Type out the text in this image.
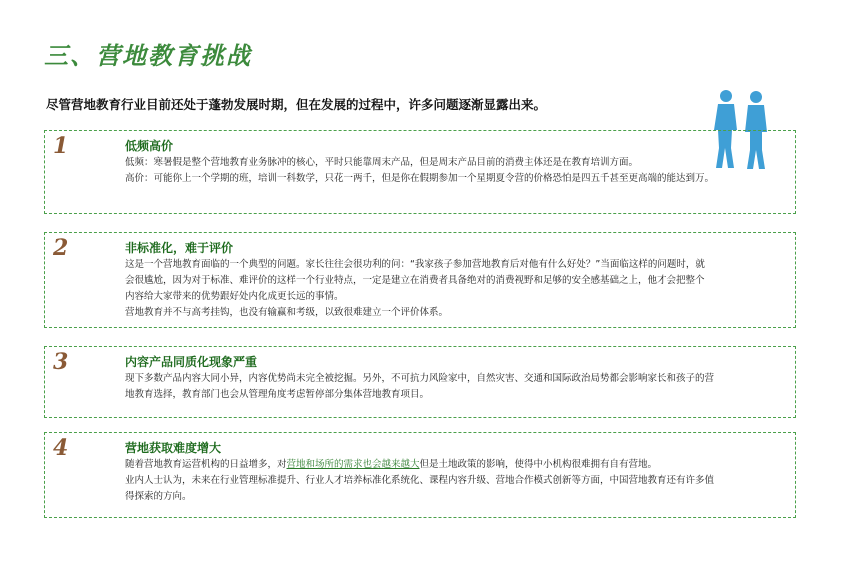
三、营地教育挑战
尽管营地教育行业目前还处于蓬勃发展时期，但在发展的过程中，许多问题逐渐显露出来。
1	低频高价

低频：寒暑假是整个营地教育业务脉冲的核心，平时只能靠周末产品，但是周末产品目前的消费主体还是在教育培训方面。

高价：可能你上一个学期的班，培训一科数学，只花一两千，但是你在假期参加一个星期夏令营的价格恐怕是四五千甚至更高端的能达到万。

2	非标准化，难于评价

这是一个营地教育面临的一个典型的问题。家长往往会很功利的问：“我家孩子参加营地教育后对他有什么好处？”当面临这样的问题时，就

会很尴尬，因为对于标准、难评价的这样一个行业特点，一定是建立在消费者具备绝对的消费视野和足够的安全感基础之上，他才会把整个

内容给大家带来的优势跟好处内化成更长远的事情。

营地教育并不与高考挂钩，也没有输赢和考级，以致很难建立一个评价体系。

3	内容产品同质化现象严重

现下多数产品内容大同小异，内容优势尚未完全被挖掘。另外，不可抗力风险家中，自然灾害、交通和国际政治局势都会影响家长和孩子的营

地教育选择，教育部门也会从管理角度考虑暂停部分集体营地教育项目。

4	营地获取难度增大

随着营地教育运营机构的日益增多，对营地和场所的需求也会越来越大但是土地政策的影响，使得中小机构很难拥有自有营地。

业内人士认为，未来在行业管理标准提升、行业人才培养标准化系统化、课程内容升级、营地合作模式创新等方面，中国营地教育还有许多值

得探索的方向。
